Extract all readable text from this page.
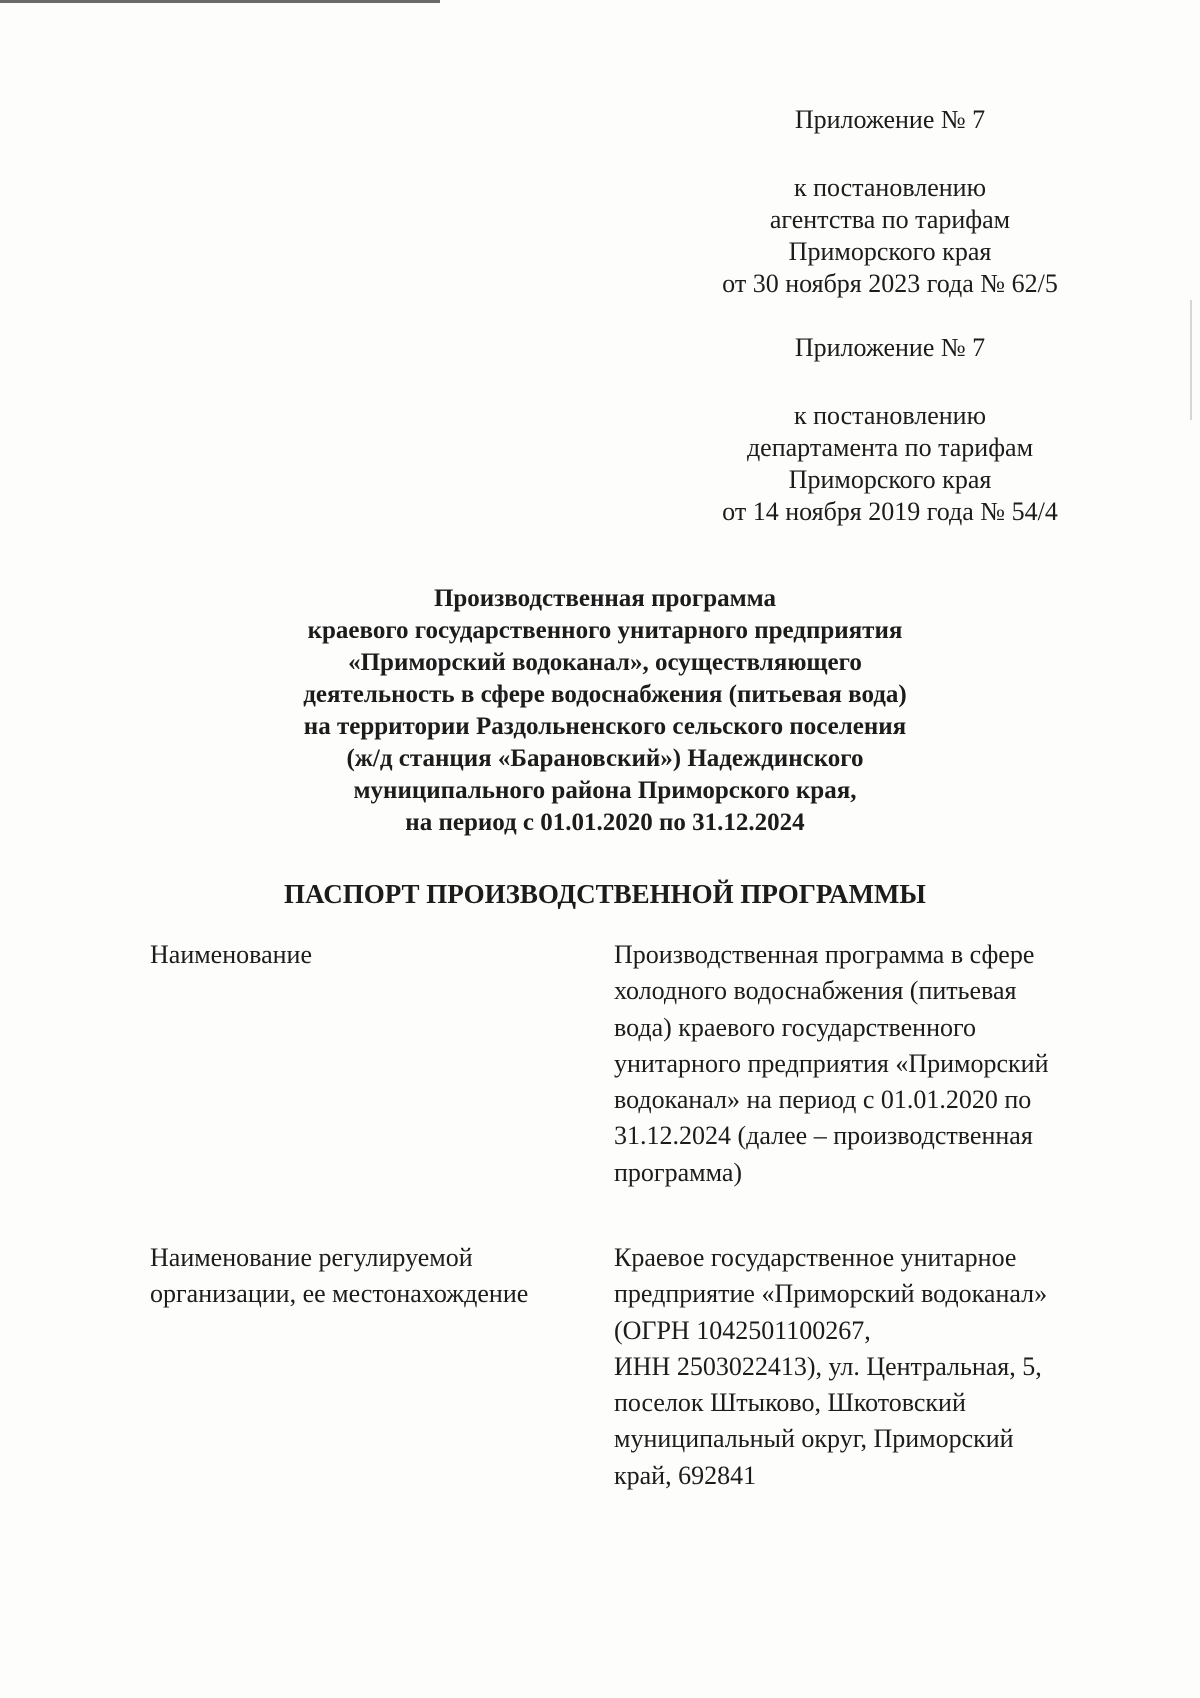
Приложение № 7
к постановлению
агентства по тарифам
Приморского края
от 30 ноября 2023 года № 62/5
Приложение № 7
к постановлению
департамента по тарифам
Приморского края
от 14 ноября 2019 года № 54/4
Производственная программа
краевого государственного унитарного предприятия
«Приморский водоканал», осуществляющего
деятельность в сфере водоснабжения (питьевая вода)
на территории Раздольненского сельского поселения
(ж/д станция «Барановский») Надеждинского
муниципального района Приморского края,
на период с 01.01.2020 по 31.12.2024
ПАСПОРТ ПРОИЗВОДСТВЕННОЙ ПРОГРАММЫ
Наименование	Производственная программа в сфере
холодного водоснабжения (питьевая
вода) краевого государственного
унитарного предприятия «Приморский
водоканал» на период с 01.01.2020 по
31.12.2024 (далее – производственная
программа)
Наименование регулируемой
организации, ее местонахождение
Краевое государственное унитарное
предприятие «Приморский водоканал»
(ОГРН 1042501100267,
ИНН 2503022413), ул. Центральная, 5,
поселок Штыково, Шкотовский
муниципальный округ, Приморский
край, 692841
